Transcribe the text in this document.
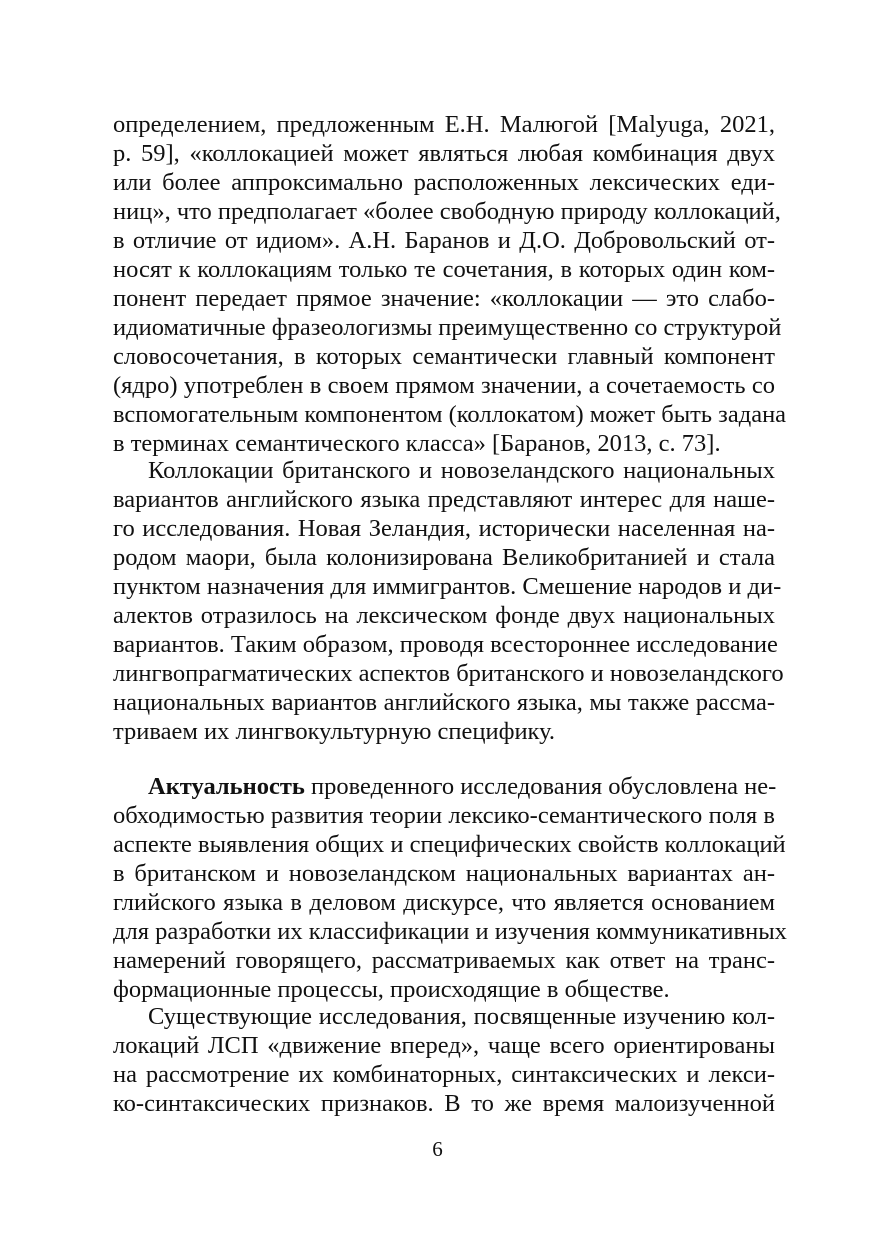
определением, предложенным Е.Н. Малюгой [Malyuga, 2021,
p. 59], «коллокацией может являться любая комбинация двух
или более аппроксимально расположенных лексических еди-
ниц», что предполагает «более свободную природу коллокаций,
в отличие от идиом». А.Н. Баранов и Д.О. Добровольский от-
носят к коллокациям только те сочетания, в которых один ком-
понент передает прямое значение: «коллокации — это слабо-
идиоматичные фразеологизмы преимущественно со структурой
словосочетания, в которых семантически главный компонент
(ядро) употреблен в своем прямом значении, а сочетаемость со
вспомогательным компонентом (коллокатом) может быть задана
в терминах семантического класса» [Баранов, 2013, с. 73].
Коллокации британского и новозеландского национальных
вариантов английского языка представляют интерес для наше-
го исследования. Новая Зеландия, исторически населенная на-
родом маори, была колонизирована Великобританией и стала
пунктом назначения для иммигрантов. Смешение народов и ди-
алектов отразилось на лексическом фонде двух национальных
вариантов. Таким образом, проводя всестороннее исследование
лингвопрагматических аспектов британского и новозеландского
национальных вариантов английского языка, мы также рассма-
триваем их лингвокультурную специфику.
Актуальность проведенного исследования обусловлена не-
обходимостью развития теории лексико-семантического поля в
аспекте выявления общих и специфических свойств коллокаций
в британском и новозеландском национальных вариантах ан-
глийского языка в деловом дискурсе, что является основанием
для разработки их классификации и изучения коммуникативных
намерений говорящего, рассматриваемых как ответ на транс-
формационные процессы, происходящие в обществе.
Существующие исследования, посвященные изучению кол-
локаций ЛСП «движение вперед», чаще всего ориентированы
на рассмотрение их комбинаторных, синтаксических и лекси-
ко-синтаксических признаков. В то же время малоизученной
6
